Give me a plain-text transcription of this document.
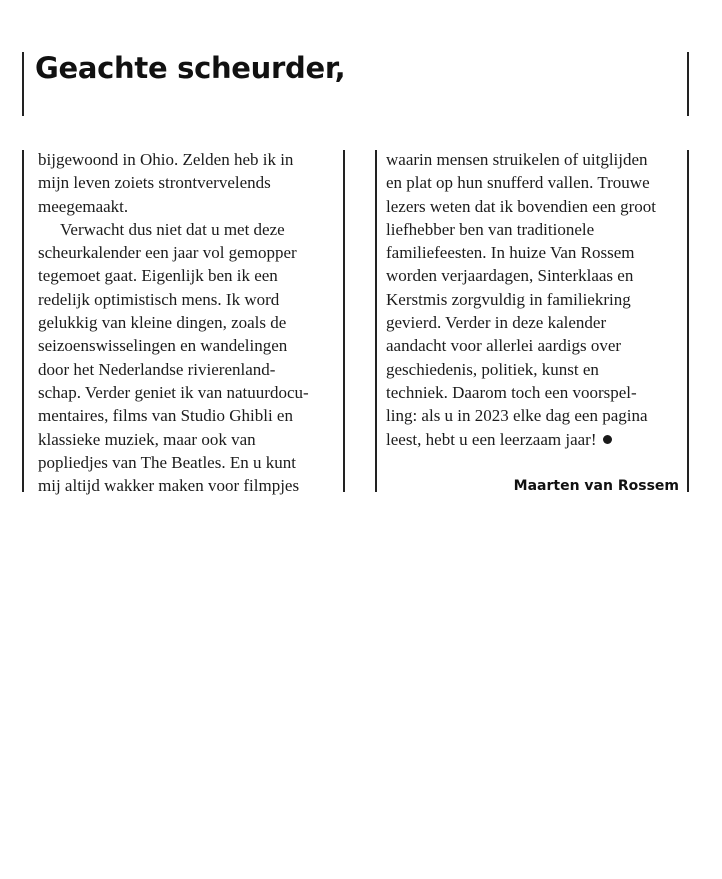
Geachte scheurder,
bijgewoond in Ohio. Zelden heb ik in
mijn leven zoiets strontvervelends
meegemaakt.
Verwacht dus niet dat u met deze
scheurkalender een jaar vol gemopper
tegemoet gaat. Eigenlijk ben ik een
redelijk optimistisch mens. Ik word
gelukkig van kleine dingen, zoals de
seizoenswisselingen en wandelingen
door het Nederlandse rivierenland-
schap. Verder geniet ik van natuurdocu-
mentaires, films van Studio Ghibli en
klassieke muziek, maar ook van
popliedjes van The Beatles. En u kunt
mij altijd wakker maken voor filmpjes
waarin mensen struikelen of uitglijden
en plat op hun snufferd vallen. Trouwe
lezers weten dat ik bovendien een groot
liefhebber ben van traditionele
familiefeesten. In huize Van Rossem
worden verjaardagen, Sinterklaas en
Kerstmis zorgvuldig in familiekring
gevierd. Verder in deze kalender
aandacht voor allerlei aardigs over
geschiedenis, politiek, kunst en
techniek. Daarom toch een voorspel-
ling: als u in 2023 elke dag een pagina
leest, hebt u een leerzaam jaar!
Maarten van Rossem
